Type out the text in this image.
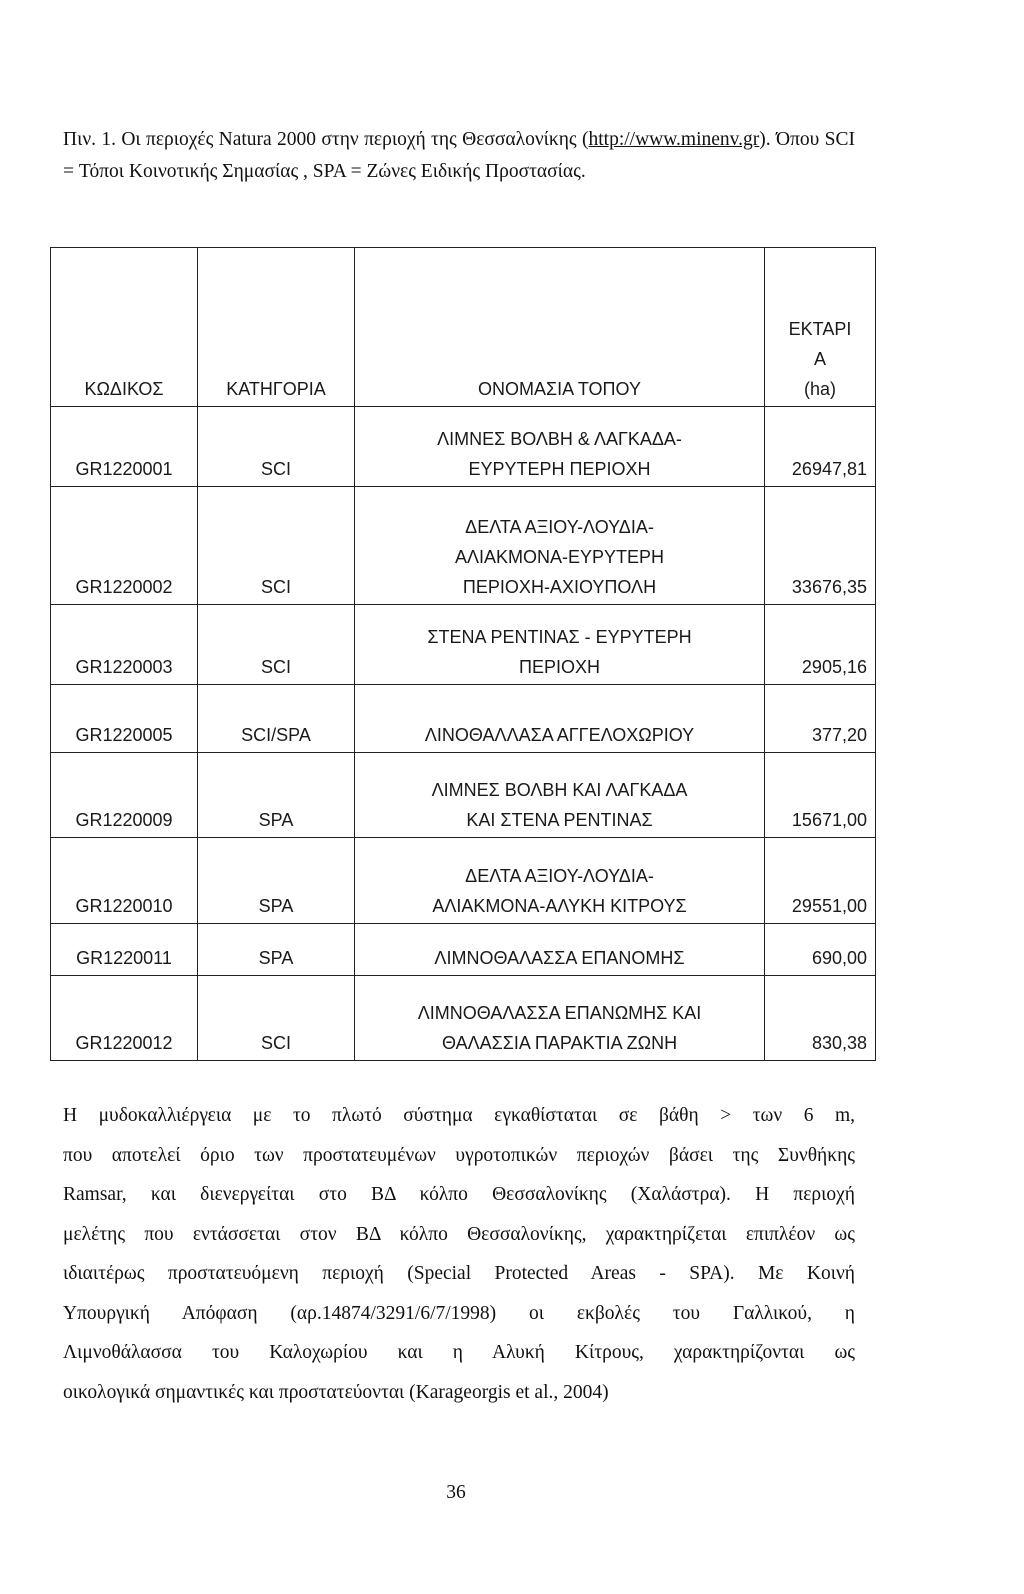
Πιν. 1. Οι περιοχές Natura 2000 στην περιοχή της Θεσσαλονίκης (http://www.minenv.gr). Όπου SCI = Τόποι Κοινοτικής Σημασίας , SPA = Ζώνες Ειδικής Προστασίας.

ΚΩΔΙΚΟΣ	ΚΑΤΗΓΟΡΙΑ	ΟΝΟΜΑΣΙΑ ΤΟΠΟΥ	ΕΚΤΑΡΙ
Α
(ha)

GR1220001	SCI	ΛΙΜΝΕΣ ΒΟΛΒΗ & ΛΑΓΚΑΔΑ-
ΕΥΡΥΤΕΡΗ ΠΕΡΙΟΧΗ	26947,81
GR1220002	SCI	ΔΕΛΤΑ ΑΞΙΟΥ-ΛΟΥΔΙΑ-
ΑΛΙΑΚΜΟΝΑ-ΕΥΡΥΤΕΡΗ
ΠΕΡΙΟΧΗ-ΑΧΙΟΥΠΟΛΗ	33676,35
GR1220003	SCI	ΣΤΕΝΑ ΡΕΝΤΙΝΑΣ - ΕΥΡΥΤΕΡΗ
ΠΕΡΙΟΧΗ	2905,16
GR1220005	SCI/SPA	ΛΙΝΟΘΑΛΛΑΣΑ ΑΓΓΕΛΟΧΩΡΙΟΥ	377,20
GR1220009	SPA	ΛΙΜΝΕΣ ΒΟΛΒΗ ΚΑΙ ΛΑΓΚΑΔΑ
ΚΑΙ ΣΤΕΝΑ ΡΕΝΤΙΝΑΣ	15671,00
GR1220010	SPA	ΔΕΛΤΑ ΑΞΙΟΥ-ΛΟΥΔΙΑ-
ΑΛΙΑΚΜΟΝΑ-ΑΛΥΚΗ ΚΙΤΡΟΥΣ	29551,00
GR1220011	SPA	ΛΙΜΝΟΘΑΛΑΣΣΑ ΕΠΑΝΟΜΗΣ	690,00
GR1220012	SCI	ΛΙΜΝΟΘΑΛΑΣΣΑ ΕΠΑΝΩΜΗΣ ΚΑΙ
ΘΑΛΑΣΣΙΑ ΠΑΡΑΚΤΙΑ ΖΩΝΗ	830,38
Η μυδοκαλλιέργεια με το πλωτό σύστημα εγκαθίσταται σε βάθη > των 6 m,
που αποτελεί όριο των προστατευμένων υγροτοπικών περιοχών βάσει της Συνθήκης
Ramsar, και διενεργείται στο ΒΔ κόλπο Θεσσαλονίκης (Χαλάστρα). Η περιοχή
μελέτης που εντάσσεται στον ΒΔ κόλπο Θεσσαλονίκης, χαρακτηρίζεται επιπλέον ως
ιδιαιτέρως προστατευόμενη περιοχή (Special Protected Areas - SPA). Με Κοινή
Υπουργική Απόφαση (αρ.14874/3291/6/7/1998) οι εκβολές του Γαλλικού, η
Λιμνοθάλασσα του Καλοχωρίου και η Αλυκή Κίτρους, χαρακτηρίζονται ως
οικολογικά σημαντικές και προστατεύονται (Karageorgis et al., 2004)
36
